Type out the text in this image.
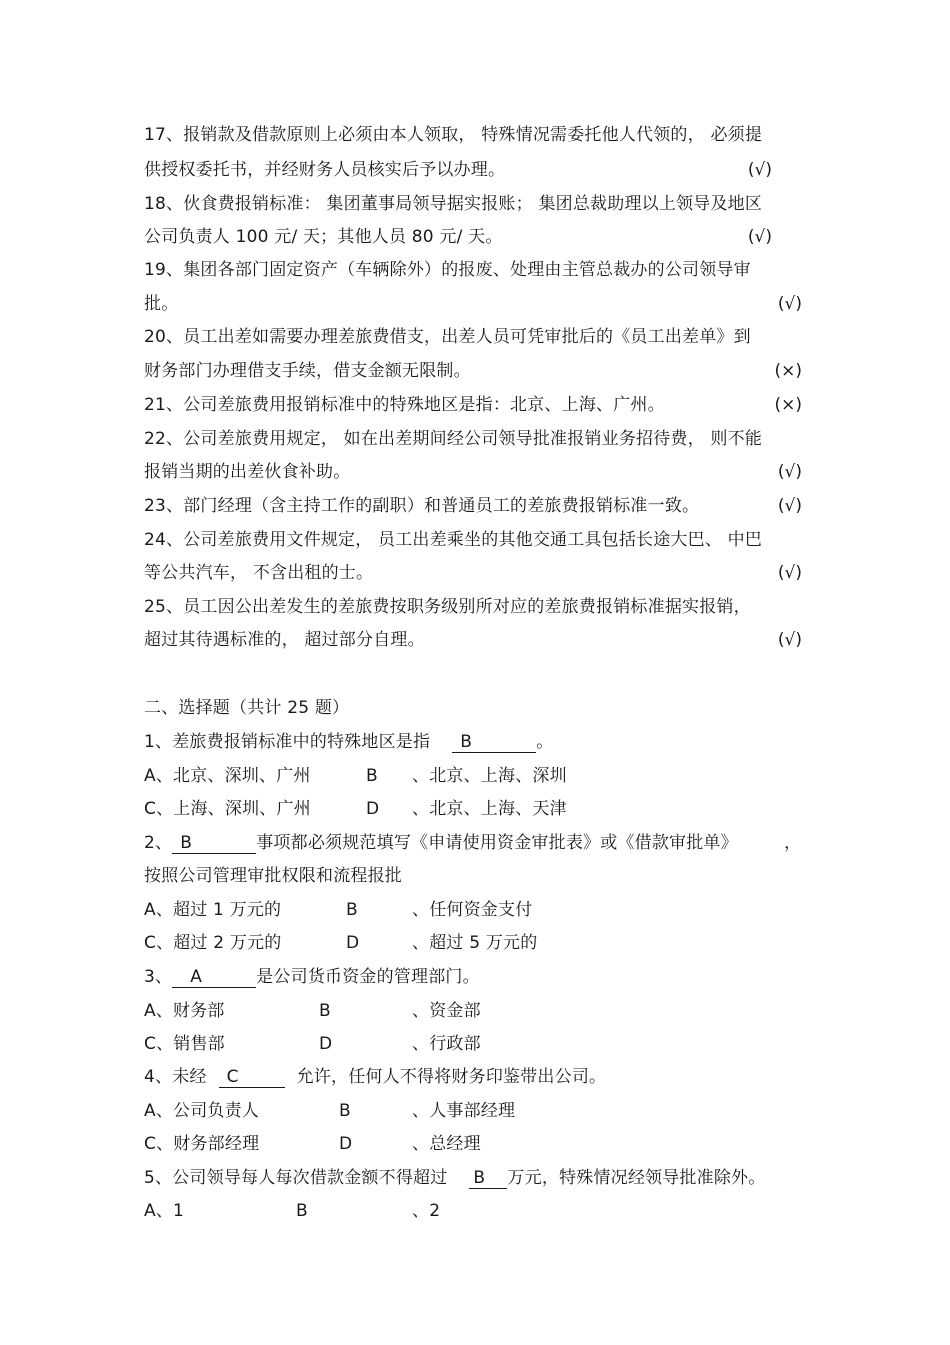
17、报销款及借款原则上必须由本人领取， 特殊情况需委托他人代领的， 必须提
供授权委托书，并经财务人员核实后予以办理。	(√)
18、伙食费报销标准： 集团董事局领导据实报账； 集团总裁助理以上领导及地区
公司负责人 100 元/ 天；其他人员 80 元/ 天。	(√)
19、集团各部门固定资产（车辆除外）的报废、处理由主管总裁办的公司领导审
批。	(√)
20、员工出差如需要办理差旅费借支，出差人员可凭审批后的《员工出差单》到
财务部门办理借支手续，借支金额无限制。	(×)
21、公司差旅费用报销标准中的特殊地区是指：北京、上海、广州。	(×)
22、公司差旅费用规定， 如在出差期间经公司领导批准报销业务招待费， 则不能
报销当期的出差伙食补助。	(√)
23、部门经理（含主持工作的副职）和普通员工的差旅费报销标准一致。	(√)
24、公司差旅费用文件规定， 员工出差乘坐的其他交通工具包括长途大巴、 中巴
等公共汽车， 不含出租的士。	(√)
25、员工因公出差发生的差旅费按职务级别所对应的差旅费报销标准据实报销，
超过其待遇标准的， 超过部分自理。	(√)
二、选择题（共计 25 题）
1、差旅费报销标准中的特殊地区是指 B	。
A、北京、深圳、广州	B 、北京、上海、深圳
C、上海、深圳、广州	D 、北京、上海、天津
2、 B	事项都必须规范填写《申请使用资金审批表》或《借款审批单》	，
按照公司管理审批权限和流程报批
A、超过 1 万元的	B	、任何资金支付
C、超过 2 万元的	D	、超过 5 万元的
3、 A	是公司货币资金的管理部门。
A、财务部	B	、资金部
C、销售部	D	、行政部
4、未经 C	允许，任何人不得将财务印鉴带出公司。
A、公司负责人	B	、人事部经理
C、财务部经理	D	、总经理
5、公司领导每人每次借款金额不得超过 B 万元，特殊情况经领导批准除外。
A、1	B	、2
